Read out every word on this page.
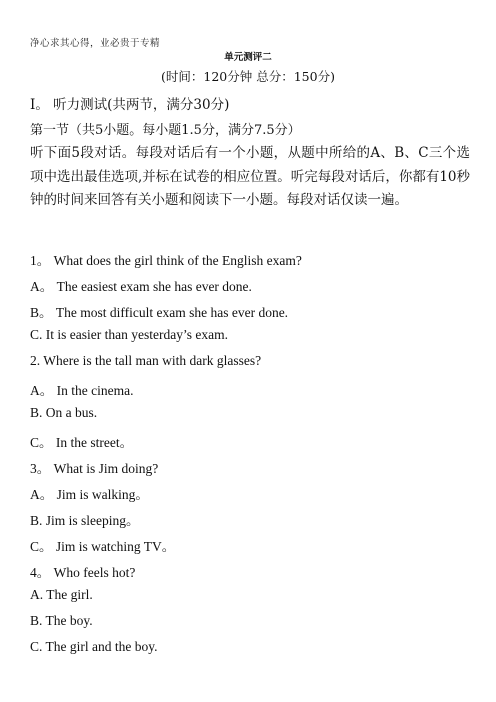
净心求其心得，业必贵于专精
单元测评二
(时间：120分钟 总分：150分)
Ⅰ。 听力测试(共两节，满分30分)
第一节（共5小题。每小题1.5分，满分7.5分）
听下面5段对话。每段对话后有一个小题，从题中所给的A、B、C三个选项中选出最佳选项,并标在试卷的相应位置。听完每段对话后，你都有10秒钟的时间来回答有关小题和阅读下一小题。每段对话仅读一遍。
1。 What does the girl think of the English exam?
A。 The easiest exam she has ever done.
B。 The most difficult exam she has ever done.
C. It is easier than yesterday’s exam.
2. Where is the tall man with dark glasses?
A。 In the cinema.
B. On a bus.
C。 In the street。
3。 What is Jim doing?
A。 Jim is walking。
B. Jim is sleeping。
C。 Jim is watching TV。
4。 Who feels hot?
A. The girl.
B. The boy.
C. The girl and the boy.
